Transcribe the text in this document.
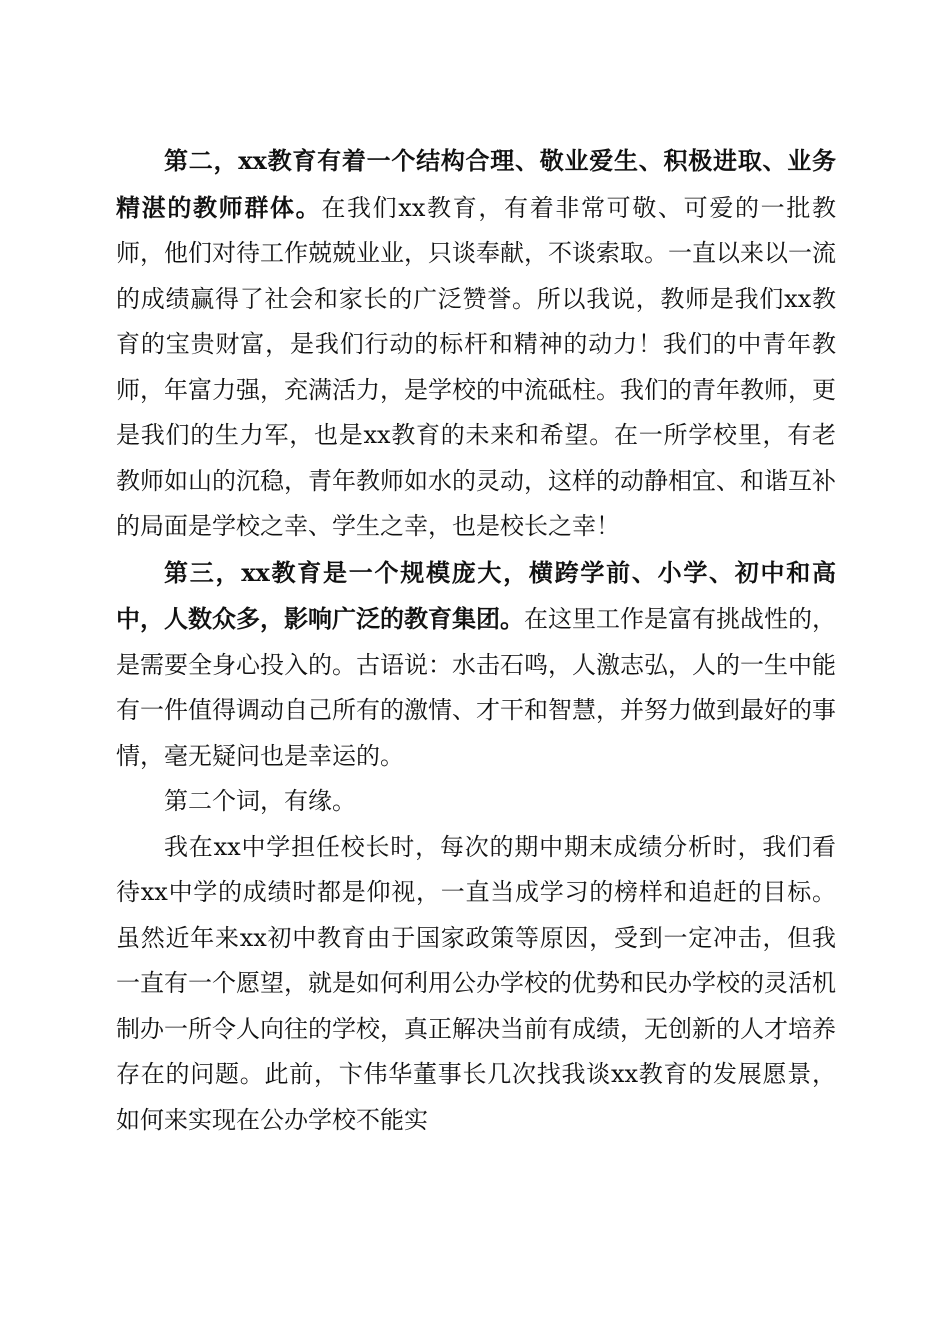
第二，xx教育有着一个结构合理、敬业爱生、积极进取、业务精湛的教师群体。在我们xx教育，有着非常可敬、可爱的一批教师，他们对待工作兢兢业业，只谈奉献，不谈索取。一直以来以一流的成绩赢得了社会和家长的广泛赞誉。所以我说，教师是我们xx教育的宝贵财富，是我们行动的标杆和精神的动力！我们的中青年教师，年富力强，充满活力，是学校的中流砥柱。我们的青年教师，更是我们的生力军，也是xx教育的未来和希望。在一所学校里，有老教师如山的沉稳，青年教师如水的灵动，这样的动静相宜、和谐互补的局面是学校之幸、学生之幸，也是校长之幸！

第三，xx教育是一个规模庞大，横跨学前、小学、初中和高中，人数众多，影响广泛的教育集团。在这里工作是富有挑战性的，是需要全身心投入的。古语说：水击石鸣，人激志弘，人的一生中能有一件值得调动自己所有的激情、才干和智慧，并努力做到最好的事情，毫无疑问也是幸运的。

第二个词，有缘。

我在xx中学担任校长时，每次的期中期末成绩分析时，我们看待xx中学的成绩时都是仰视，一直当成学习的榜样和追赶的目标。虽然近年来xx初中教育由于国家政策等原因，受到一定冲击，但我一直有一个愿望，就是如何利用公办学校的优势和民办学校的灵活机制办一所令人向往的学校，真正解决当前有成绩，无创新的人才培养存在的问题。此前，卞伟华董事长几次找我谈xx教育的发展愿景，如何来实现在公办学校不能实
